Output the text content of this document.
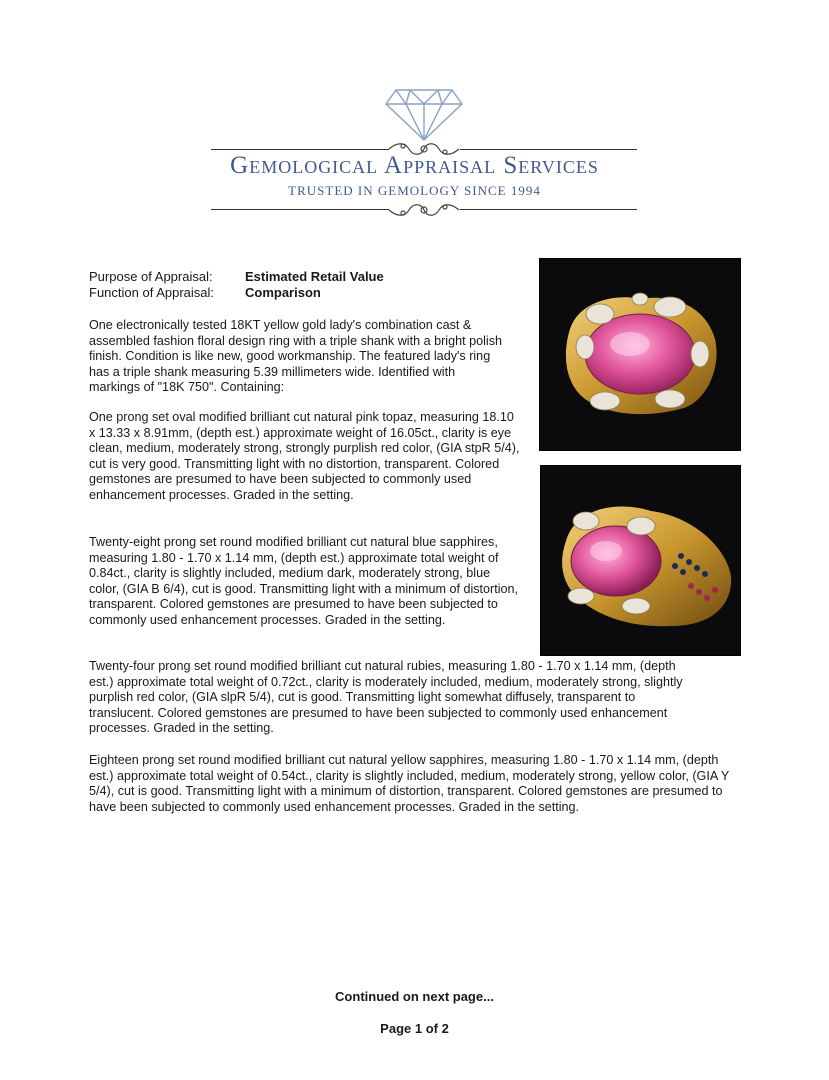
Gemological Appraisal Services
TRUSTED IN GEMOLOGY SINCE 1994
Purpose of Appraisal:	Estimated Retail Value
Function of Appraisal:	Comparison

One electronically tested 18KT yellow gold lady's combination cast & assembled fashion floral design ring with a triple shank with a bright polish finish. Condition is like new, good workmanship. The featured lady's ring has a triple shank measuring 5.39 millimeters wide. Identified with markings of "18K 750". Containing:

One prong set oval modified brilliant cut natural pink topaz, measuring 18.10 x 13.33 x 8.91mm, (depth est.) approximate weight of 16.05ct., clarity is eye clean, medium, moderately strong, strongly purplish red color, (GIA stpR 5/4), cut is very good. Transmitting light with no distortion, transparent. Colored gemstones are presumed to have been subjected to commonly used enhancement processes. Graded in the setting.

Twenty-eight prong set round modified brilliant cut natural blue sapphires, measuring 1.80 - 1.70 x 1.14 mm, (depth est.) approximate total weight of 0.84ct., clarity is slightly included, medium dark, moderately strong, blue color, (GIA B 6/4), cut is good. Transmitting light with a minimum of distortion, transparent. Colored gemstones are presumed to have been subjected to commonly used enhancement processes. Graded in the setting.

Twenty-four prong set round modified brilliant cut natural rubies, measuring 1.80 - 1.70 x 1.14 mm, (depth est.) approximate total weight of 0.72ct., clarity is moderately included, medium, moderately strong, slightly purplish red color, (GIA slpR 5/4), cut is good. Transmitting light somewhat diffusely, transparent to translucent. Colored gemstones are presumed to have been subjected to commonly used enhancement processes. Graded in the setting.

Eighteen prong set round modified brilliant cut natural yellow sapphires, measuring 1.80 - 1.70 x 1.14 mm, (depth est.) approximate total weight of 0.54ct., clarity is slightly included, medium, moderately strong, yellow color, (GIA Y 5/4), cut is good. Transmitting light with a minimum of distortion, transparent. Colored gemstones are presumed to have been subjected to commonly used enhancement processes. Graded in the setting.

Continued on next page...
Page 1 of 2
